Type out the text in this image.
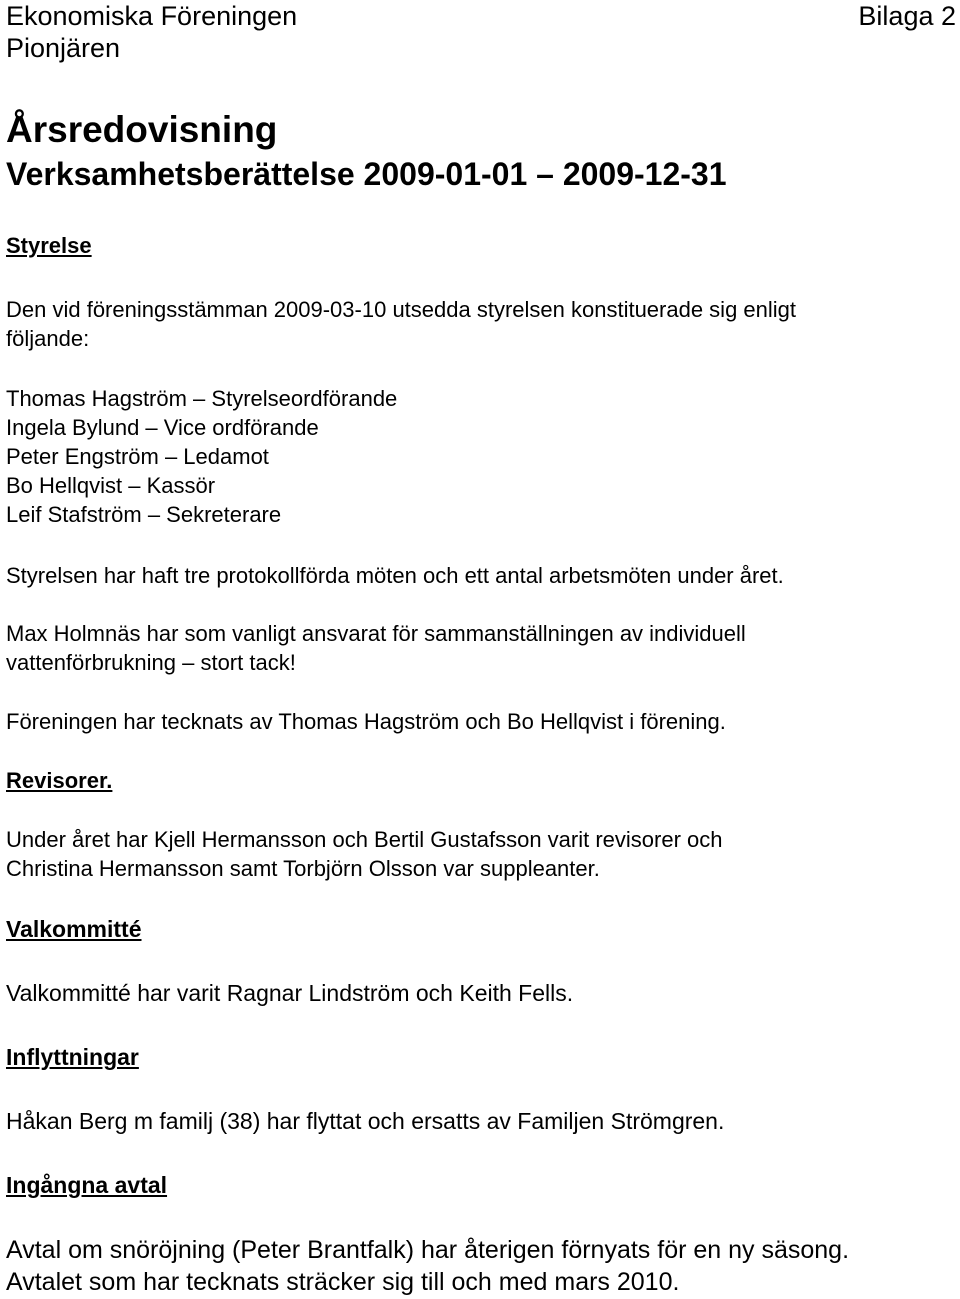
Ekonomiska Föreningen
Pionjären
Bilaga 2
Årsredovisning
Verksamhetsberättelse 2009-01-01 – 2009-12-31
Styrelse
Den vid föreningsstämman 2009-03-10 utsedda styrelsen konstituerade sig enligt
följande:
Thomas Hagström – Styrelseordförande
Ingela Bylund – Vice ordförande
Peter Engström – Ledamot
Bo Hellqvist – Kassör
Leif Stafström – Sekreterare
Styrelsen har haft tre protokollförda möten och ett antal arbetsmöten under året.
Max Holmnäs har som vanligt ansvarat för sammanställningen av individuell
vattenförbrukning – stort tack!
Föreningen har tecknats av Thomas Hagström och Bo Hellqvist i förening.
Revisorer.
Under året har Kjell Hermansson och Bertil Gustafsson varit revisorer och
Christina Hermansson samt Torbjörn Olsson var suppleanter.
Valkommitté
Valkommitté har varit Ragnar Lindström och Keith Fells.
Inflyttningar
Håkan Berg m familj (38) har flyttat och ersatts av Familjen Strömgren.
Ingångna avtal
Avtal om snöröjning (Peter Brantfalk) har återigen förnyats för en ny säsong.
Avtalet som har tecknats sträcker sig till och med mars 2010.
